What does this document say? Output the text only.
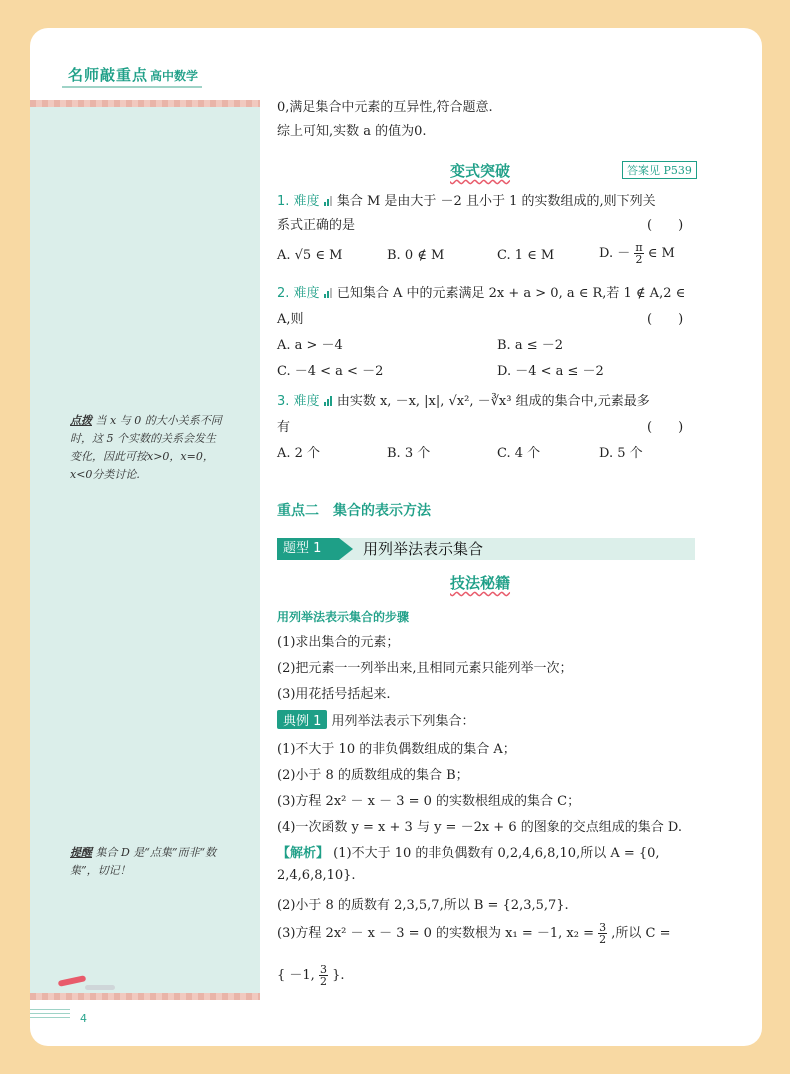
名师敲重点 高中数学
点拨 当 x 与 0 的大小关系不同时，这 5 个实数的关系会发生变化，因此可按x>0，x=0，x<0分类讨论.
提醒 集合 D 是“点集”而非“数集”，切记！
4
0,满足集合中元素的互异性,符合题意.
综上可知,实数 a 的值为0.
变式突破	答案见 P539
1. 难度 集合 M 是由大于 －2 且小于 1 的实数组成的,则下列关
系式正确的是	(　　)
A. √5 ∈ M	B. 0 ∉ M	C. 1 ∈ M	D. － $\frac{\pi}{2}$ ∈ M
2. 难度 已知集合 A 中的元素满足 2x + a > 0, a ∈ R,若 1 ∉ A,2 ∈
A,则	(　　)
A. a > －4	B. a ≤ －2
C. －4 < a < －2	D. －4 < a ≤ －2
3. 难度 由实数 x, －x, |x|, √x², －∛x³ 组成的集合中,元素最多
有	(　　)
A. 2 个	B. 3 个	C. 4 个	D. 5 个
重点二　集合的表示方法
题型 1	用列举法表示集合
技法秘籍
用列举法表示集合的步骤
(1)求出集合的元素；
(2)把元素一一列举出来,且相同元素只能列举一次；
(3)用花括号括起来.
典例 1 用列举法表示下列集合：
(1)不大于 10 的非负偶数组成的集合 A；
(2)小于 8 的质数组成的集合 B；
(3)方程 2x² － x － 3 = 0 的实数根组成的集合 C；
(4)一次函数 y = x + 3 与 y = －2x + 6 的图象的交点组成的集合 D.
【解析】 (1)不大于 10 的非负偶数有 0,2,4,6,8,10,所以 A = {0,
2,4,6,8,10}.
(2)小于 8 的质数有 2,3,5,7,所以 B = {2,3,5,7}.
(3)方程 2x² － x － 3 = 0 的实数根为 x₁ = －1, $x_2 = \frac{3}{2}$ ,所以 C =
{ －1, $\frac{3}{2}$ }.
